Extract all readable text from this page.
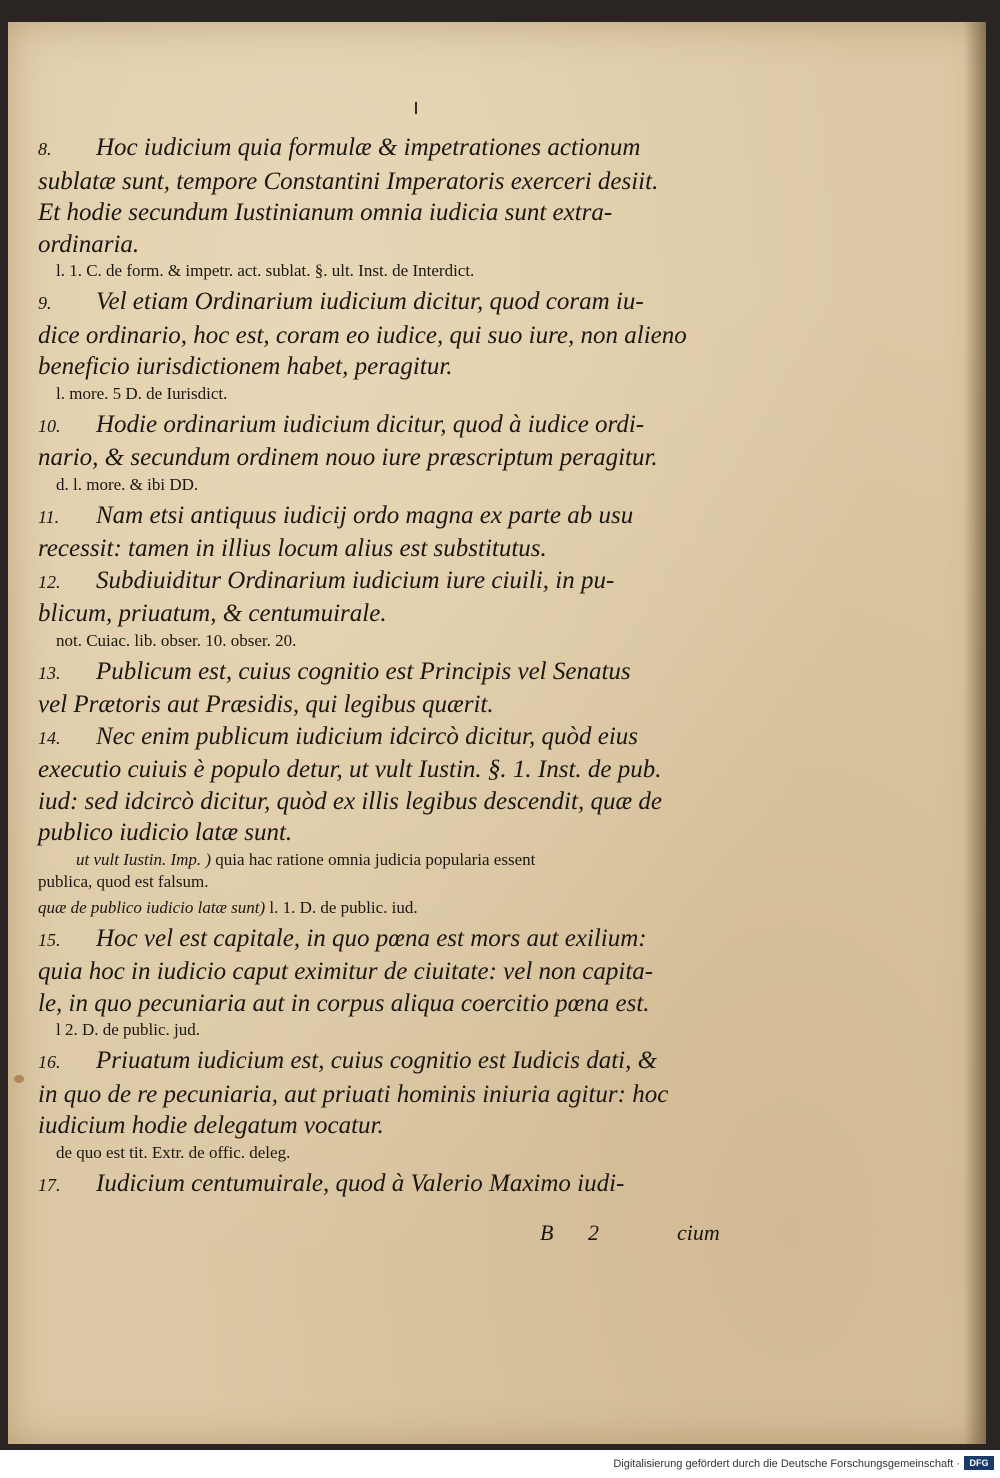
8. Hoc iudicium quia formulæ & impetrationes actionum
sublatæ sunt, tempore Constantini Imperatoris exerceri desiit.
Et hodie secundum Iustinianum omnia iudicia sunt extra-
ordinaria.
l. 1. C. de form. & impetr. act. sublat. §. ult. Inst. de Interdict.
9. Vel etiam Ordinarium iudicium dicitur, quod coram iu-
dice ordinario, hoc est, coram eo iudice, qui suo iure, non alieno
beneficio iurisdictionem habet, peragitur.
l. more. 5 D. de Iurisdict.
10. Hodie ordinarium iudicium dicitur, quod à iudice ordi-
nario, & secundum ordinem nouo iure præscriptum peragitur.
d. l. more. & ibi DD.
11. Nam etsi antiquus iudicij ordo magna ex parte ab usu
recessit: tamen in illius locum alius est substitutus.
12. Subdiuiditur Ordinarium iudicium iure ciuili, in pu-
blicum, priuatum, & centumuirale.
not. Cuiac. lib. obser. 10. obser. 20.
13. Publicum est, cuius cognitio est Principis vel Senatus
vel Prætoris aut Præsidis, qui legibus quærit.
14. Nec enim publicum iudicium idcircò dicitur, quòd eius
executio cuiuis è populo detur, ut vult Iustin. §. 1. Inst. de pub.
iud: sed idcircò dicitur, quòd ex illis legibus descendit, quæ de
publico iudicio latæ sunt.
ut vult Iustin. Imp. ) quia hac ratione omnia judicia popularia essent
publica, quod est falsum.
quæ de publico iudicio latæ sunt) l. 1. D. de public. iud.
15. Hoc vel est capitale, in quo pœna est mors aut exilium:
quia hoc in iudicio caput eximitur de ciuitate: vel non capita-
le, in quo pecuniaria aut in corpus aliqua coercitio pœna est.
l 2. D. de public. jud.
16. Priuatum iudicium est, cuius cognitio est Iudicis dati, &
in quo de re pecuniaria, aut priuati hominis iniuria agitur: hoc
iudicium hodie delegatum vocatur.
de quo est tit. Extr. de offic. deleg.
17. Iudicium centumuirale, quod à Valerio Maximo iudi-
B 2	cium
Digitalisierung gefördert durch die Deutsche Forschungsgemeinschaft ·	DFG
